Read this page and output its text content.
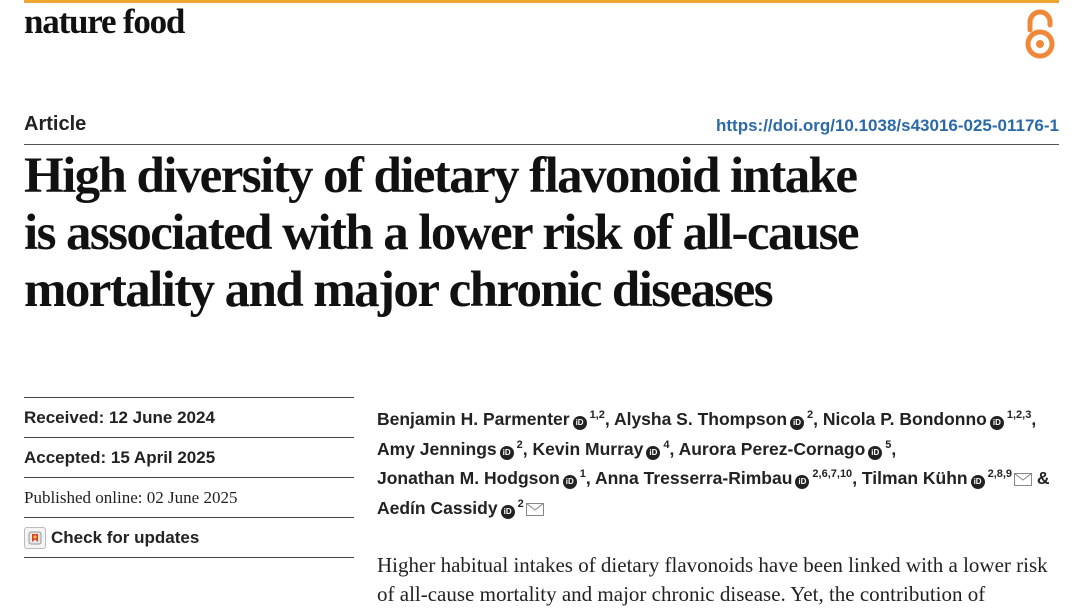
nature food
Article	https://doi.org/10.1038/s43016-025-01176-1
High diversity of dietary flavonoid intake
is associated with a lower risk of all-cause
mortality and major chronic diseases
Received: 12 June 2024
Accepted: 15 April 2025
Published online: 02 June 2025
Check for updates
Benjamin H. Parmenter iD$^{1,2}$, Alysha S. Thompson iD$^2$, Nicola P. Bondonno iD$^{1,2,3}$,
Amy Jennings iD$^2$, Kevin Murray iD$^4$, Aurora Perez-Cornago iD$^5$,
Jonathan M. Hodgson iD$^1$, Anna Tresserra-Rimbau iD$^{2,6,7,10}$, Tilman Kühn iD$^{2,8,9}$ &
Aedín Cassidy iD$^2$

Higher habitual intakes of dietary flavonoids have been linked with a lower risk of all-cause mortality and major chronic disease. Yet, the contribution of
